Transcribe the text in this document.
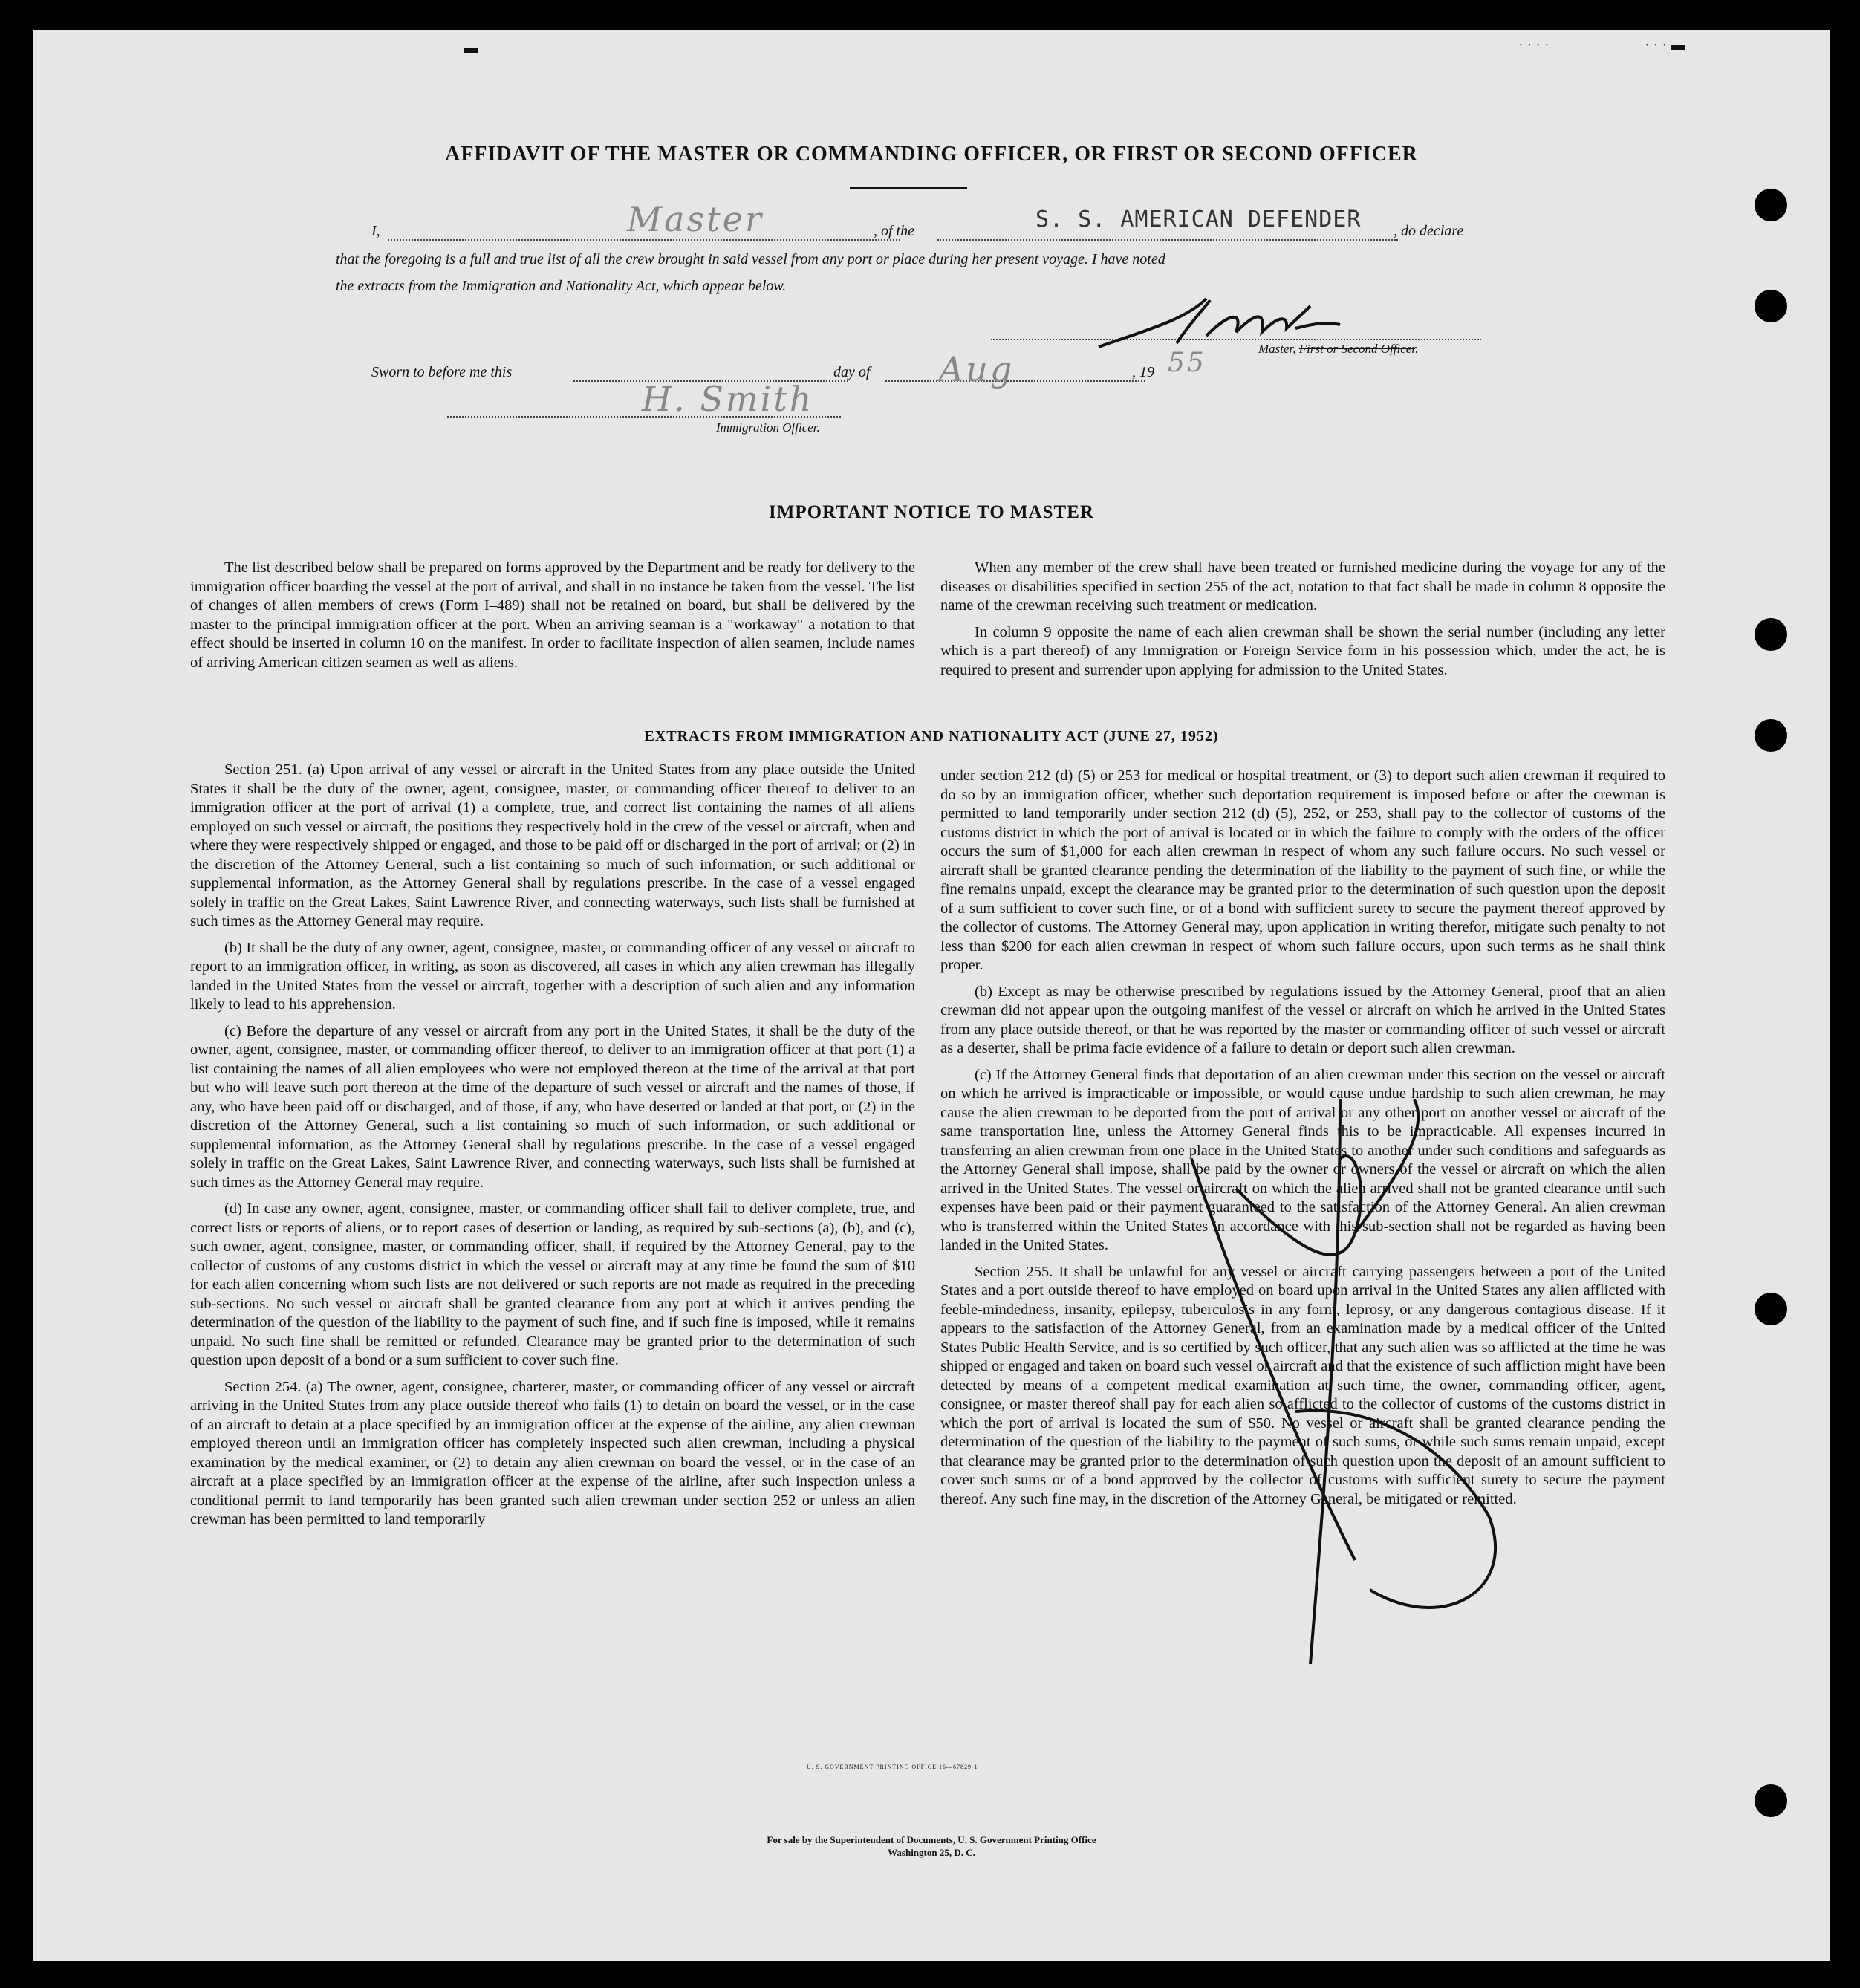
▬	· · · ·	· · · ▬
AFFIDAVIT OF THE MASTER OR COMMANDING OFFICER, OR FIRST OR SECOND OFFICER
I,	Master	, of the	S. S. AMERICAN DEFENDER , do declare
that the foregoing is a full and true list of all the crew brought in said vessel from any port or place during her present voyage. I have noted
the extracts from the Immigration and Nationality Act, which appear below.
A Walker
Master, First or Second Officer.
Sworn to before me this	day of Aug	, 19 55
H. Smith
Immigration Officer.
IMPORTANT NOTICE TO MASTER

The list described below shall be prepared on forms approved by the Department and be ready for delivery to the immigration officer boarding the vessel at the port of arrival, and shall in no instance be taken from the vessel. The list of changes of alien members of crews (Form I–489) shall not be retained on board, but shall be delivered by the master to the principal immigration officer at the port. When an arriving seaman is a "workaway" a notation to that effect should be inserted in column 10 on the manifest. In order to facilitate inspection of alien seamen, include names of arriving American citizen seamen as well as aliens.

When any member of the crew shall have been treated or furnished medicine during the voyage for any of the diseases or disabilities specified in section 255 of the act, notation to that fact shall be made in column 8 opposite the name of the crewman receiving such treatment or medication.

In column 9 opposite the name of each alien crewman shall be shown the serial number (including any letter which is a part thereof) of any Immigration or Foreign Service form in his possession which, under the act, he is required to present and surrender upon applying for admission to the United States.

EXTRACTS FROM IMMIGRATION AND NATIONALITY ACT (JUNE 27, 1952)

Section 251. (a) Upon arrival of any vessel or aircraft in the United States from any place outside the United States it shall be the duty of the owner, agent, consignee, master, or commanding officer thereof to deliver to an immigration officer at the port of arrival (1) a complete, true, and correct list containing the names of all aliens employed on such vessel or aircraft, the positions they respectively hold in the crew of the vessel or aircraft, when and where they were respectively shipped or engaged, and those to be paid off or discharged in the port of arrival; or (2) in the discretion of the Attorney General, such a list containing so much of such information, or such additional or supplemental information, as the Attorney General shall by regulations prescribe. In the case of a vessel engaged solely in traffic on the Great Lakes, Saint Lawrence River, and connecting waterways, such lists shall be furnished at such times as the Attorney General may require.

(b) It shall be the duty of any owner, agent, consignee, master, or commanding officer of any vessel or aircraft to report to an immigration officer, in writing, as soon as discovered, all cases in which any alien crewman has illegally landed in the United States from the vessel or aircraft, together with a description of such alien and any information likely to lead to his apprehension.

(c) Before the departure of any vessel or aircraft from any port in the United States, it shall be the duty of the owner, agent, consignee, master, or commanding officer thereof, to deliver to an immigration officer at that port (1) a list containing the names of all alien employees who were not employed thereon at the time of the arrival at that port but who will leave such port thereon at the time of the departure of such vessel or aircraft and the names of those, if any, who have been paid off or discharged, and of those, if any, who have deserted or landed at that port, or (2) in the discretion of the Attorney General, such a list containing so much of such information, or such additional or supplemental information, as the Attorney General shall by regulations prescribe. In the case of a vessel engaged solely in traffic on the Great Lakes, Saint Lawrence River, and connecting waterways, such lists shall be furnished at such times as the Attorney General may require.

(d) In case any owner, agent, consignee, master, or commanding officer shall fail to deliver complete, true, and correct lists or reports of aliens, or to report cases of desertion or landing, as required by sub-sections (a), (b), and (c), such owner, agent, consignee, master, or commanding officer, shall, if required by the Attorney General, pay to the collector of customs of any customs district in which the vessel or aircraft may at any time be found the sum of $10 for each alien concerning whom such lists are not delivered or such reports are not made as required in the preceding sub-sections. No such vessel or aircraft shall be granted clearance from any port at which it arrives pending the determination of the question of the liability to the payment of such fine, and if such fine is imposed, while it remains unpaid. No such fine shall be remitted or refunded. Clearance may be granted prior to the determination of such question upon deposit of a bond or a sum sufficient to cover such fine.

Section 254. (a) The owner, agent, consignee, charterer, master, or commanding officer of any vessel or aircraft arriving in the United States from any place outside thereof who fails (1) to detain on board the vessel, or in the case of an aircraft to detain at a place specified by an immigration officer at the expense of the airline, any alien crewman employed thereon until an immigration officer has completely inspected such alien crewman, including a physical examination by the medical examiner, or (2) to detain any alien crewman on board the vessel, or in the case of an aircraft at a place specified by an immigration officer at the expense of the airline, after such inspection unless a conditional permit to land temporarily has been granted such alien crewman under section 252 or unless an alien crewman has been permitted to land temporarily

under section 212 (d) (5) or 253 for medical or hospital treatment, or (3) to deport such alien crewman if required to do so by an immigration officer, whether such deportation requirement is imposed before or after the crewman is permitted to land temporarily under section 212 (d) (5), 252, or 253, shall pay to the collector of customs of the customs district in which the port of arrival is located or in which the failure to comply with the orders of the officer occurs the sum of $1,000 for each alien crewman in respect of whom any such failure occurs. No such vessel or aircraft shall be granted clearance pending the determination of the liability to the payment of such fine, or while the fine remains unpaid, except the clearance may be granted prior to the determination of such question upon the deposit of a sum sufficient to cover such fine, or of a bond with sufficient surety to secure the payment thereof approved by the collector of customs. The Attorney General may, upon application in writing therefor, mitigate such penalty to not less than $200 for each alien crewman in respect of whom such failure occurs, upon such terms as he shall think proper.

(b) Except as may be otherwise prescribed by regulations issued by the Attorney General, proof that an alien crewman did not appear upon the outgoing manifest of the vessel or aircraft on which he arrived in the United States from any place outside thereof, or that he was reported by the master or commanding officer of such vessel or aircraft as a deserter, shall be prima facie evidence of a failure to detain or deport such alien crewman.

(c) If the Attorney General finds that deportation of an alien crewman under this section on the vessel or aircraft on which he arrived is impracticable or impossible, or would cause undue hardship to such alien crewman, he may cause the alien crewman to be deported from the port of arrival or any other port on another vessel or aircraft of the same transportation line, unless the Attorney General finds this to be impracticable. All expenses incurred in transferring an alien crewman from one place in the United States to another under such conditions and safeguards as the Attorney General shall impose, shall be paid by the owner or owners of the vessel or aircraft on which the alien arrived in the United States. The vessel or aircraft on which the alien arrived shall not be granted clearance until such expenses have been paid or their payment guaranteed to the satisfaction of the Attorney General. An alien crewman who is transferred within the United States in accordance with this sub-section shall not be regarded as having been landed in the United States.

Section 255. It shall be unlawful for any vessel or aircraft carrying passengers between a port of the United States and a port outside thereof to have employed on board upon arrival in the United States any alien afflicted with feeble-mindedness, insanity, epilepsy, tuberculosis in any form, leprosy, or any dangerous contagious disease. If it appears to the satisfaction of the Attorney General, from an examination made by a medical officer of the United States Public Health Service, and is so certified by such officer, that any such alien was so afflicted at the time he was shipped or engaged and taken on board such vessel or aircraft and that the existence of such affliction might have been detected by means of a competent medical examination at such time, the owner, commanding officer, agent, consignee, or master thereof shall pay for each alien so afflicted to the collector of customs of the customs district in which the port of arrival is located the sum of $50. No vessel or aircraft shall be granted clearance pending the determination of the question of the liability to the payment of such sums, or while such sums remain unpaid, except that clearance may be granted prior to the determination of such question upon the deposit of an amount sufficient to cover such sums or of a bond approved by the collector of customs with sufficient surety to secure the payment thereof. Any such fine may, in the discretion of the Attorney General, be mitigated or remitted.

U. S. GOVERNMENT PRINTING OFFICE 16—67829-1
For sale by the Superintendent of Documents, U. S. Government Printing Office
Washington 25, D. C.
